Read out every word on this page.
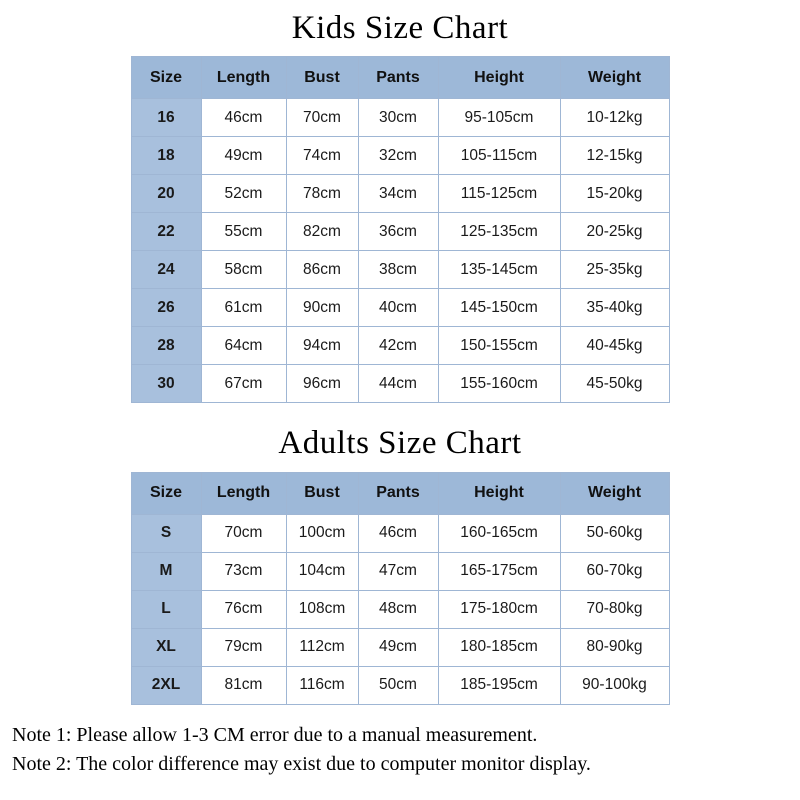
Kids Size Chart
Size	Length	Bust	Pants	Height	Weight
16	46cm	70cm	30cm	95-105cm	10-12kg
18	49cm	74cm	32cm	105-115cm	12-15kg
20	52cm	78cm	34cm	115-125cm	15-20kg
22	55cm	82cm	36cm	125-135cm	20-25kg
24	58cm	86cm	38cm	135-145cm	25-35kg
26	61cm	90cm	40cm	145-150cm	35-40kg
28	64cm	94cm	42cm	150-155cm	40-45kg
30	67cm	96cm	44cm	155-160cm	45-50kg
Adults Size Chart
Size	Length	Bust	Pants	Height	Weight
S	70cm	100cm	46cm	160-165cm	50-60kg
M	73cm	104cm	47cm	165-175cm	60-70kg
L	76cm	108cm	48cm	175-180cm	70-80kg
XL	79cm	112cm	49cm	180-185cm	80-90kg
2XL	81cm	116cm	50cm	185-195cm	90-100kg
Note 1: Please allow 1-3 CM error due to a manual measurement.
Note 2: The color difference may exist due to computer monitor display.
